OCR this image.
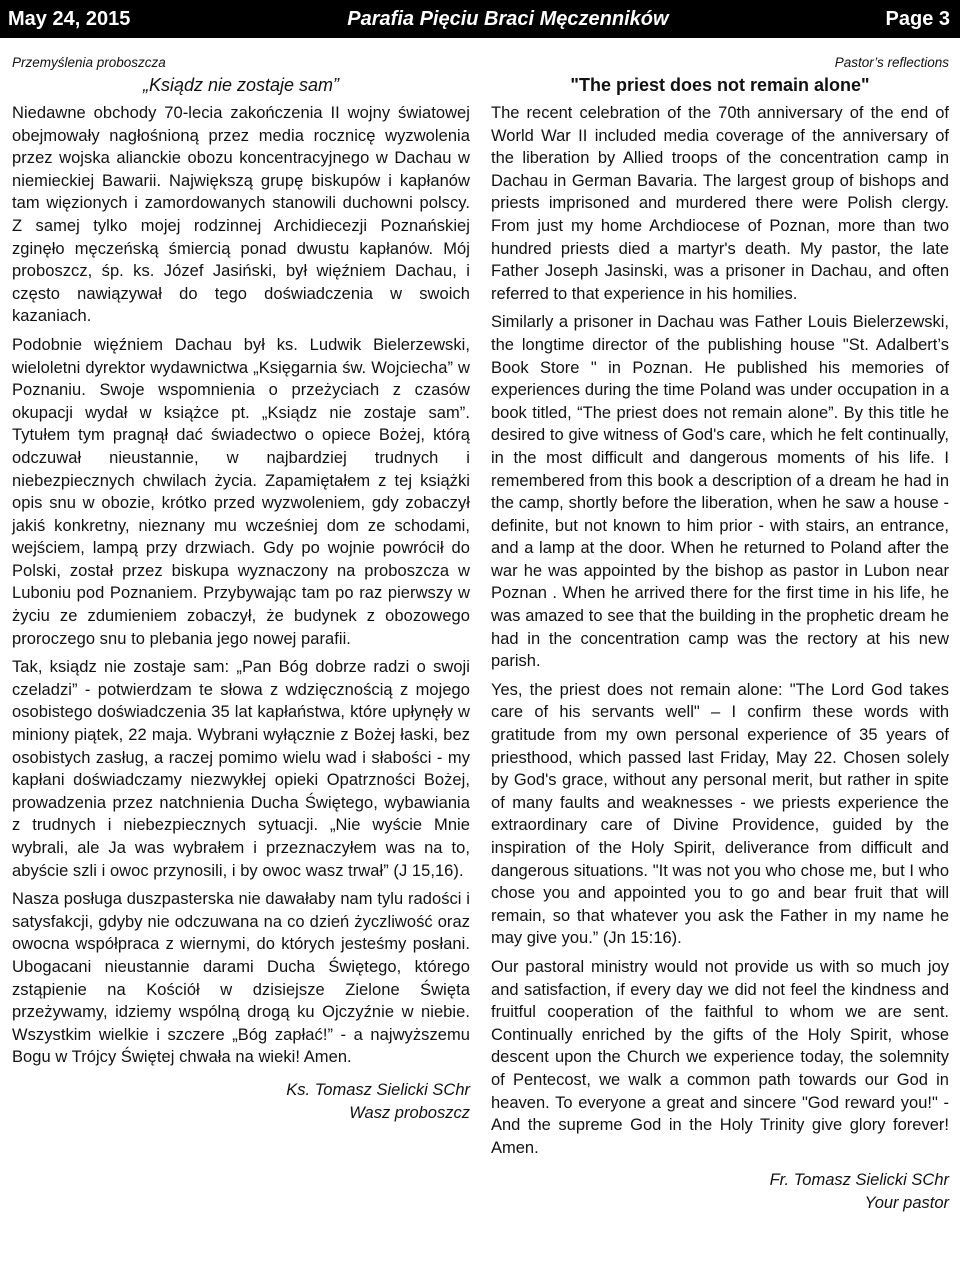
May 24, 2015	Parafia Pięciu Braci Męczenników	Page 3
Przemyślenia proboszcza
„Ksiądz nie zostaje sam”

Niedawne obchody 70-lecia zakończenia II wojny światowej obejmowały nagłośnioną przez media rocznicę wyzwolenia przez wojska alianckie obozu koncentracyjnego w Dachau w niemieckiej Bawarii. Największą grupę biskupów i kapłanów tam więzionych i zamordowanych stanowili duchowni polscy. Z samej tylko mojej rodzinnej Archidiecezji Poznańskiej zginęło męczeńską śmiercią ponad dwustu kapłanów. Mój proboszcz, śp. ks. Józef Jasiński, był więźniem Dachau, i często nawiązywał do tego doświadczenia w swoich kazaniach.

Podobnie więźniem Dachau był ks. Ludwik Bielerzewski, wieloletni dyrektor wydawnictwa „Księgarnia św. Wojciecha” w Poznaniu. Swoje wspomnienia o przeżyciach z czasów okupacji wydał w książce pt. „Ksiądz nie zostaje sam”. Tytułem tym pragnął dać świadectwo o opiece Bożej, którą odczuwał nieustannie, w najbardziej trudnych i niebezpiecznych chwilach życia. Zapamiętałem z tej książki opis snu w obozie, krótko przed wyzwoleniem, gdy zobaczył jakiś konkretny, nieznany mu wcześniej dom ze schodami, wejściem, lampą przy drzwiach. Gdy po wojnie powrócił do Polski, został przez biskupa wyznaczony na proboszcza w Luboniu pod Poznaniem. Przybywając tam po raz pierwszy w życiu ze zdumieniem zobaczył, że budynek z obozowego proroczego snu to plebania jego nowej parafii.

Tak, ksiądz nie zostaje sam: „Pan Bóg dobrze radzi o swoji czeladzi” - potwierdzam te słowa z wdzięcznością z mojego osobistego doświadczenia 35 lat kapłaństwa, które upłynęły w miniony piątek, 22 maja. Wybrani wyłącznie z Bożej łaski, bez osobistych zasług, a raczej pomimo wielu wad i słabości - my kapłani doświadczamy niezwykłej opieki Opatrzności Bożej, prowadzenia przez natchnienia Ducha Świętego, wybawiania z trudnych i niebezpiecznych sytuacji. „Nie wyście Mnie wybrali, ale Ja was wybrałem i przeznaczyłem was na to, abyście szli i owoc przynosili, i by owoc wasz trwał” (J 15,16).

Nasza posługa duszpasterska nie dawałaby nam tylu radości i satysfakcji, gdyby nie odczuwana na co dzień życzliwość oraz owocna współpraca z wiernymi, do których jesteśmy posłani. Ubogacani nieustannie darami Ducha Świętego, którego zstąpienie na Kościół w dzisiejsze Zielone Święta przeżywamy, idziemy wspólną drogą ku Ojczyźnie w niebie. Wszystkim wielkie i szczere „Bóg zapłać!” - a najwyższemu Bogu w Trójcy Świętej chwała na wieki! Amen.

Ks. Tomasz Sielicki SChr
Wasz proboszcz
Pastor’s reflections
"The priest does not remain alone"

The recent celebration of the 70th anniversary of the end of World War II included media coverage of the anniversary of the liberation by Allied troops of the concentration camp in Dachau in German Bavaria. The largest group of bishops and priests imprisoned and murdered there were Polish clergy. From just my home Archdiocese of Poznan, more than two hundred priests died a martyr's death. My pastor, the late Father Joseph Jasinski, was a prisoner in Dachau, and often referred to that experience in his homilies.

Similarly a prisoner in Dachau was Father Louis Bielerzewski, the longtime director of the publishing house "St. Adalbert’s Book Store " in Poznan. He published his memories of experiences during the time Poland was under occupation in a book titled, “The priest does not remain alone”. By this title he desired to give witness of God's care, which he felt continually, in the most difficult and dangerous moments of his life. I remembered from this book a description of a dream he had in the camp, shortly before the liberation, when he saw a house - definite, but not known to him prior - with stairs, an entrance, and a lamp at the door. When he returned to Poland after the war he was appointed by the bishop as pastor in Lubon near Poznan . When he arrived there for the first time in his life, he was amazed to see that the building in the prophetic dream he had in the concentration camp was the rectory at his new parish.

Yes, the priest does not remain alone: "The Lord God takes care of his servants well" – I confirm these words with gratitude from my own personal experience of 35 years of priesthood, which passed last Friday, May 22. Chosen solely by God's grace, without any personal merit, but rather in spite of many faults and weaknesses - we priests experience the extraordinary care of Divine Providence, guided by the inspiration of the Holy Spirit, deliverance from difficult and dangerous situations. "It was not you who chose me, but I who chose you and appointed you to go and bear fruit that will remain, so that whatever you ask the Father in my name he may give you.” (Jn 15:16).

Our pastoral ministry would not provide us with so much joy and satisfaction, if every day we did not feel the kindness and fruitful cooperation of the faithful to whom we are sent. Continually enriched by the gifts of the Holy Spirit, whose descent upon the Church we experience today, the solemnity of Pentecost, we walk a common path towards our God in heaven. To everyone a great and sincere "God reward you!" - And the supreme God in the Holy Trinity give glory forever! Amen.

Fr. Tomasz Sielicki SChr
Your pastor
